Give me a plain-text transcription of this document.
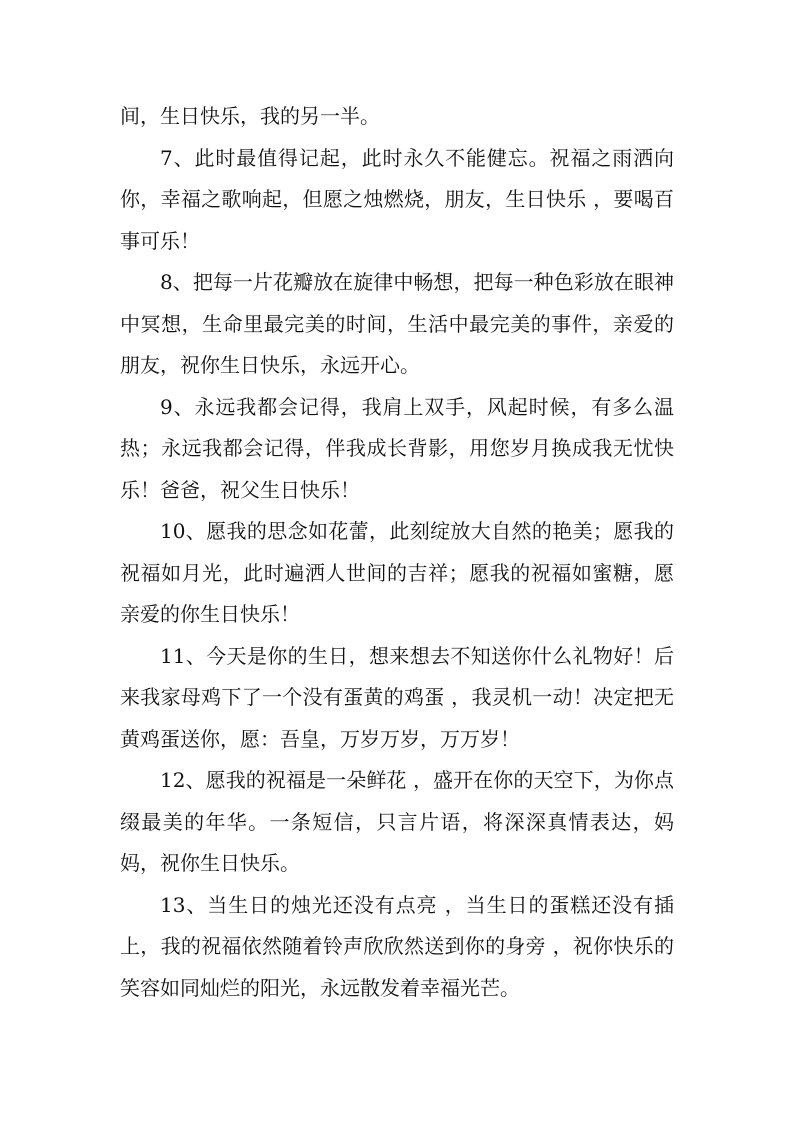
间，生日快乐，我的另一半。

7、此时最值得记起，此时永久不能健忘。祝福之雨洒向你，幸福之歌响起，但愿之烛燃烧，朋友，生日快乐 ，要喝百事可乐！

8、把每一片花瓣放在旋律中畅想，把每一种色彩放在眼神中冥想，生命里最完美的时间，生活中最完美的事件，亲爱的朋友，祝你生日快乐，永远开心。

9、永远我都会记得，我肩上双手，风起时候，有多么温热；永远我都会记得，伴我成长背影，用您岁月换成我无忧快乐！爸爸，祝父生日快乐！

10、愿我的思念如花蕾，此刻绽放大自然的艳美；愿我的祝福如月光，此时遍洒人世间的吉祥；愿我的祝福如蜜糖，愿亲爱的你生日快乐！

11、今天是你的生日，想来想去不知送你什么礼物好！后来我家母鸡下了一个没有蛋黄的鸡蛋 ，我灵机一动！决定把无黄鸡蛋送你，愿：吾皇，万岁万岁，万万岁！

12、愿我的祝福是一朵鲜花 ，盛开在你的天空下，为你点缀最美的年华。一条短信，只言片语，将深深真情表达，妈妈，祝你生日快乐。

13、当生日的烛光还没有点亮 ，当生日的蛋糕还没有插上，我的祝福依然随着铃声欣欣然送到你的身旁 ，祝你快乐的笑容如同灿烂的阳光，永远散发着幸福光芒。
